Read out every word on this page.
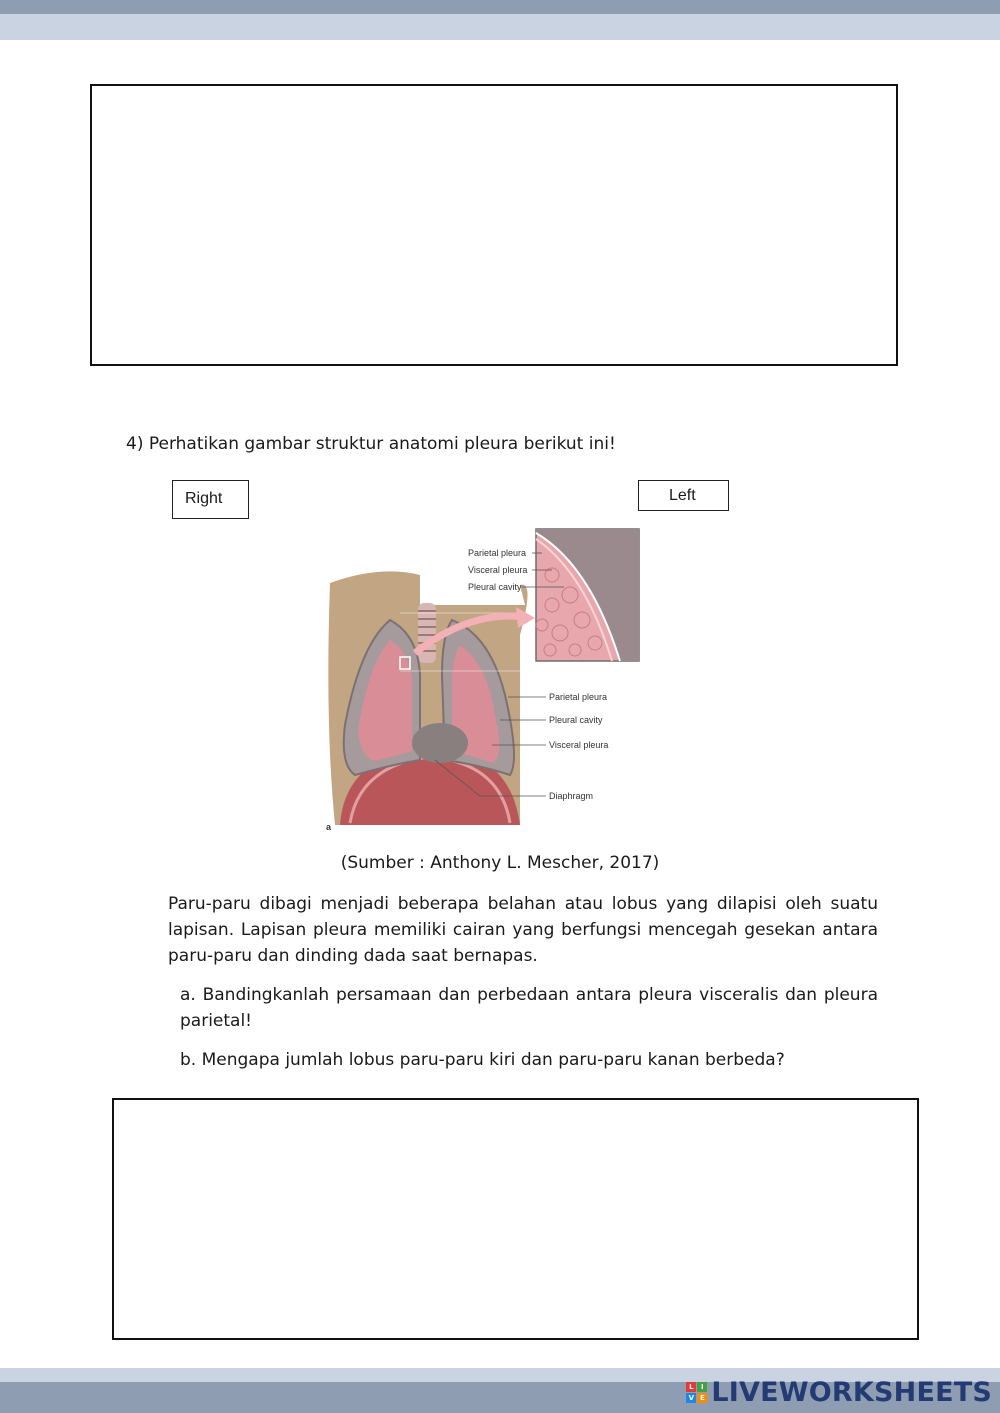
4) Perhatikan gambar struktur anatomi pleura berikut ini!
Right	Left
Parietal pleura
Visceral pleura
Pleural cavity
Parietal pleura
Pleural cavity
Visceral pleura
Diaphragm
a
(Sumber : Anthony L. Mescher, 2017)
Paru-paru dibagi menjadi beberapa belahan atau lobus yang dilapisi oleh suatu lapisan. Lapisan pleura memiliki cairan yang berfungsi mencegah gesekan antara paru-paru dan dinding dada saat bernapas.
a. Bandingkanlah persamaan dan perbedaan antara pleura visceralis dan pleura parietal!
b. Mengapa jumlah lobus paru-paru kiri dan paru-paru kanan berbeda?
L	I
V E LIVEWORKSHEETS
